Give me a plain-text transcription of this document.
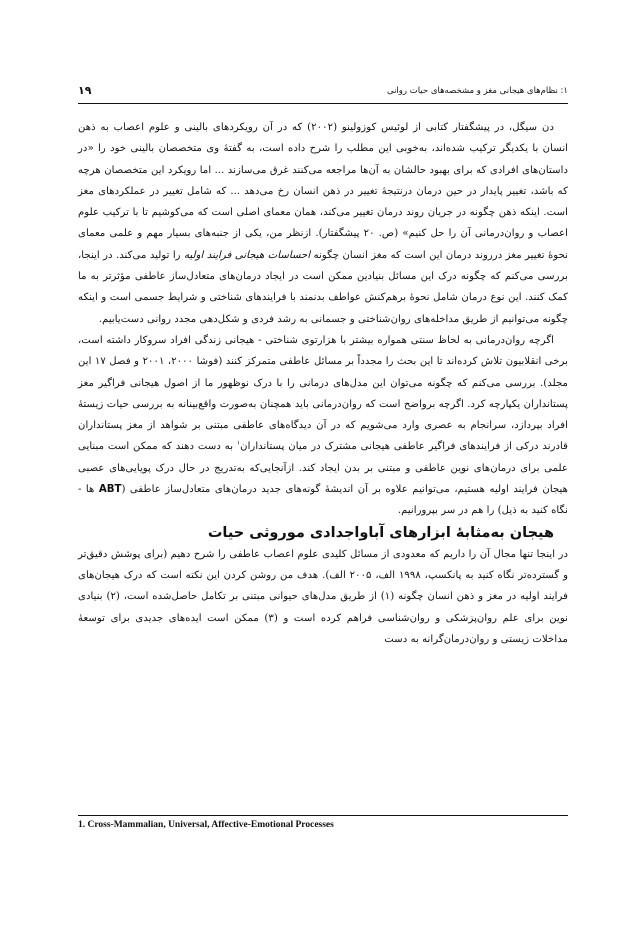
۱: نظام‌های هیجانی مغز و مشخصه‌های حیات روانی
۱۹

دن سیگل، در پیشگفتار کتابی از لوئیس کوزولینو (۲۰۰۲) که در آن رویکردهای بالینی و علوم اعصاب به ذهن انسان با یکدیگر ترکیب شده‌اند، به‌خوبی این مطلب را شرح داده است، به گفتهٔ وی متخصصان بالینی خود را «در داستان‌های افرادی که برای بهبود حالشان به آن‌ها مراجعه می‌کنند غرق می‌سازند ... اما رویکرد این متخصصان هرچه که باشد، تغییر پایدار در حین درمان درنتیجهٔ تغییر در ذهن انسان رخ می‌دهد ... که شامل تغییر در عملکردهای مغز است. اینکه ذهن چگونه در جریان روند درمان تغییر می‌کند، همان معمای اصلی است که می‌کوشیم تا با ترکیب علوم اعصاب و روان‌درمانی آن را حل کنیم» (ص. ۲۰ پیشگفتار). ازنظر من، یکی از جنبه‌های بسیار مهم و علمی معمای نحوهٔ تغییر مغز درروند درمان این است که مغز انسان چگونه احساسات هیجانی فرایند اولیه را تولید می‌کند. در اینجا، بررسی می‌کنم که چگونه درک این مسائل بنیادین ممکن است در ایجاد درمان‌های متعادل‌ساز عاطفی مؤثرتر به ما کمک کنند. این نوع درمان شامل نحوهٔ برهم‌کنش عواطف بدنمند با فرایندهای شناختی و شرایط جسمی است و اینکه چگونه می‌توانیم از طریق مداخله‌های روان‌شناختی و جسمانی به رشد فردی و شکل‌دهی مجدد روانی دست‌یابیم.

اگرچه روان‌درمانی به لحاظ سنتی همواره بیشتر با هزارتوی شناختی - هیجانی زندگی افراد سروکار داشته است، برخی انقلابیون تلاش کرده‌اند تا این بحث را مجدداً بر مسائل عاطفی متمرکز کنند (فوشا ۲۰۰۰، ۲۰۰۱ و فصل ۱۷ این مجلد). بررسی می‌کنم که چگونه می‌توان این مدل‌های درمانی را با درک نوظهور ما از اصول هیجانی فراگیر مغز پستانداران یکپارچه کرد. اگرچه بر‌واضح است که روان‌درمانی باید همچنان به‌صورت واقع‌بینانه به بررسی حیات زیستهٔ افراد بپردازد، سرانجام به عصری وارد می‌شویم که در آن دیدگاه‌های عاطفی مبتنی بر شواهد از مغز پستانداران قادرند درکی از فرایندهای فراگیر عاطفی هیجانی مشترک در میان پستانداران$^۱$ به دست دهند که ممکن است مبنایی علمی برای درمان‌های نوین عاطفی و مبتنی بر بدن ایجاد کند. ازآنجایی‌که به‌تدریج در حال درک پویایی‌های عصبی هیجان فرایند اولیه هستیم، می‌توانیم علاوه بر آن اندیشهٔ گونه‌های جدید درمان‌های متعادل‌ساز عاطفی (ABT ها - نگاه کنید به ذیل) را هم در سر بپرورانیم.

هیجان به‌مثابهٔ ابزارهای آباواجدادی موروثی حیات

در اینجا تنها مجال آن را داریم که معدودی از مسائل کلیدی علوم اعصاب عاطفی را شرح دهیم (برای پوشش دقیق‌تر و گسترده‌تر نگاه کنید به پانکسپ، ۱۹۹۸ الف، ۲۰۰۵ الف). هدف من روشن کردن این نکته است که درک هیجان‌های فرایند اولیه در مغز و ذهن انسان چگونه (۱) از طریق مدل‌های حیوانی مبتنی بر تکامل حاصل‌شده است، (۲) بنیادی نوین برای علم روان‌پزشکی و روان‌شناسی فراهم کرده است و (۳) ممکن است ایده‌های جدیدی برای توسعهٔ مداخلات زیستی و روان‌درمان‌گرانه به دست

1. Cross-Mammalian, Universal, Affective-Emotional Processes
